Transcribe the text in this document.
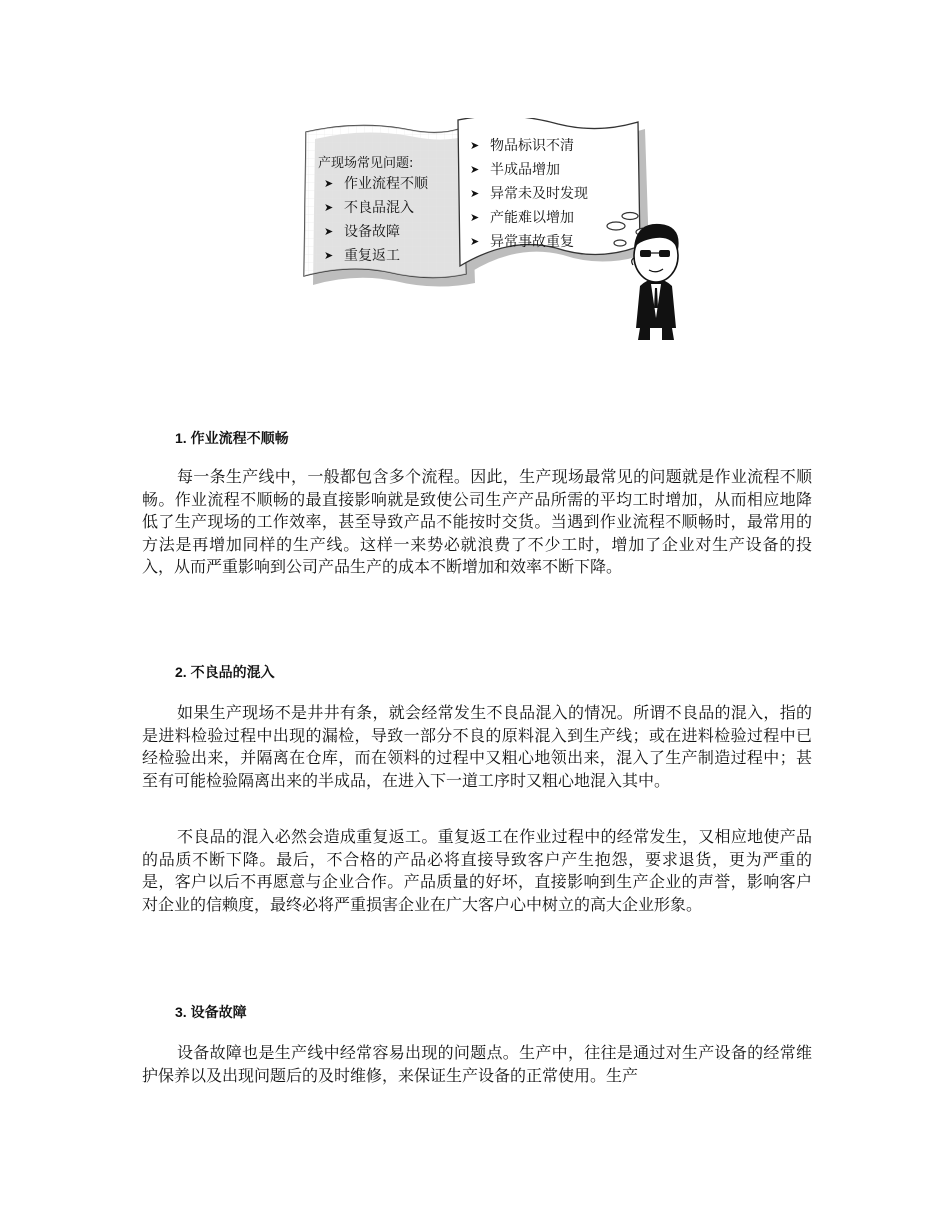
产现场常见问题:
➤ 作业流程不顺
➤ 不良品混入
➤ 设备故障
➤ 重复返工
➤ 物品标识不清
➤ 半成品增加
➤ 异常未及时发现
➤ 产能难以增加
➤ 异常事故重复
1. 作业流程不顺畅

每一条生产线中，一般都包含多个流程。因此，生产现场最常见的问题就是作业流程不顺畅。作业流程不顺畅的最直接影响就是致使公司生产产品所需的平均工时增加，从而相应地降低了生产现场的工作效率，甚至导致产品不能按时交货。当遇到作业流程不顺畅时，最常用的方法是再增加同样的生产线。这样一来势必就浪费了不少工时，增加了企业对生产设备的投入，从而严重影响到公司产品生产的成本不断增加和效率不断下降。

2. 不良品的混入

如果生产现场不是井井有条，就会经常发生不良品混入的情况。所谓不良品的混入，指的是进料检验过程中出现的漏检，导致一部分不良的原料混入到生产线；或在进料检验过程中已经检验出来，并隔离在仓库，而在领料的过程中又粗心地领出来，混入了生产制造过程中；甚至有可能检验隔离出来的半成品，在进入下一道工序时又粗心地混入其中。

不良品的混入必然会造成重复返工。重复返工在作业过程中的经常发生，又相应地使产品的品质不断下降。最后，不合格的产品必将直接导致客户产生抱怨，要求退货，更为严重的是，客户以后不再愿意与企业合作。产品质量的好坏，直接影响到生产企业的声誉，影响客户对企业的信赖度，最终必将严重损害企业在广大客户心中树立的高大企业形象。

3. 设备故障

设备故障也是生产线中经常容易出现的问题点。生产中，往往是通过对生产设备的经常维护保养以及出现问题后的及时维修，来保证生产设备的正常使用。生产
